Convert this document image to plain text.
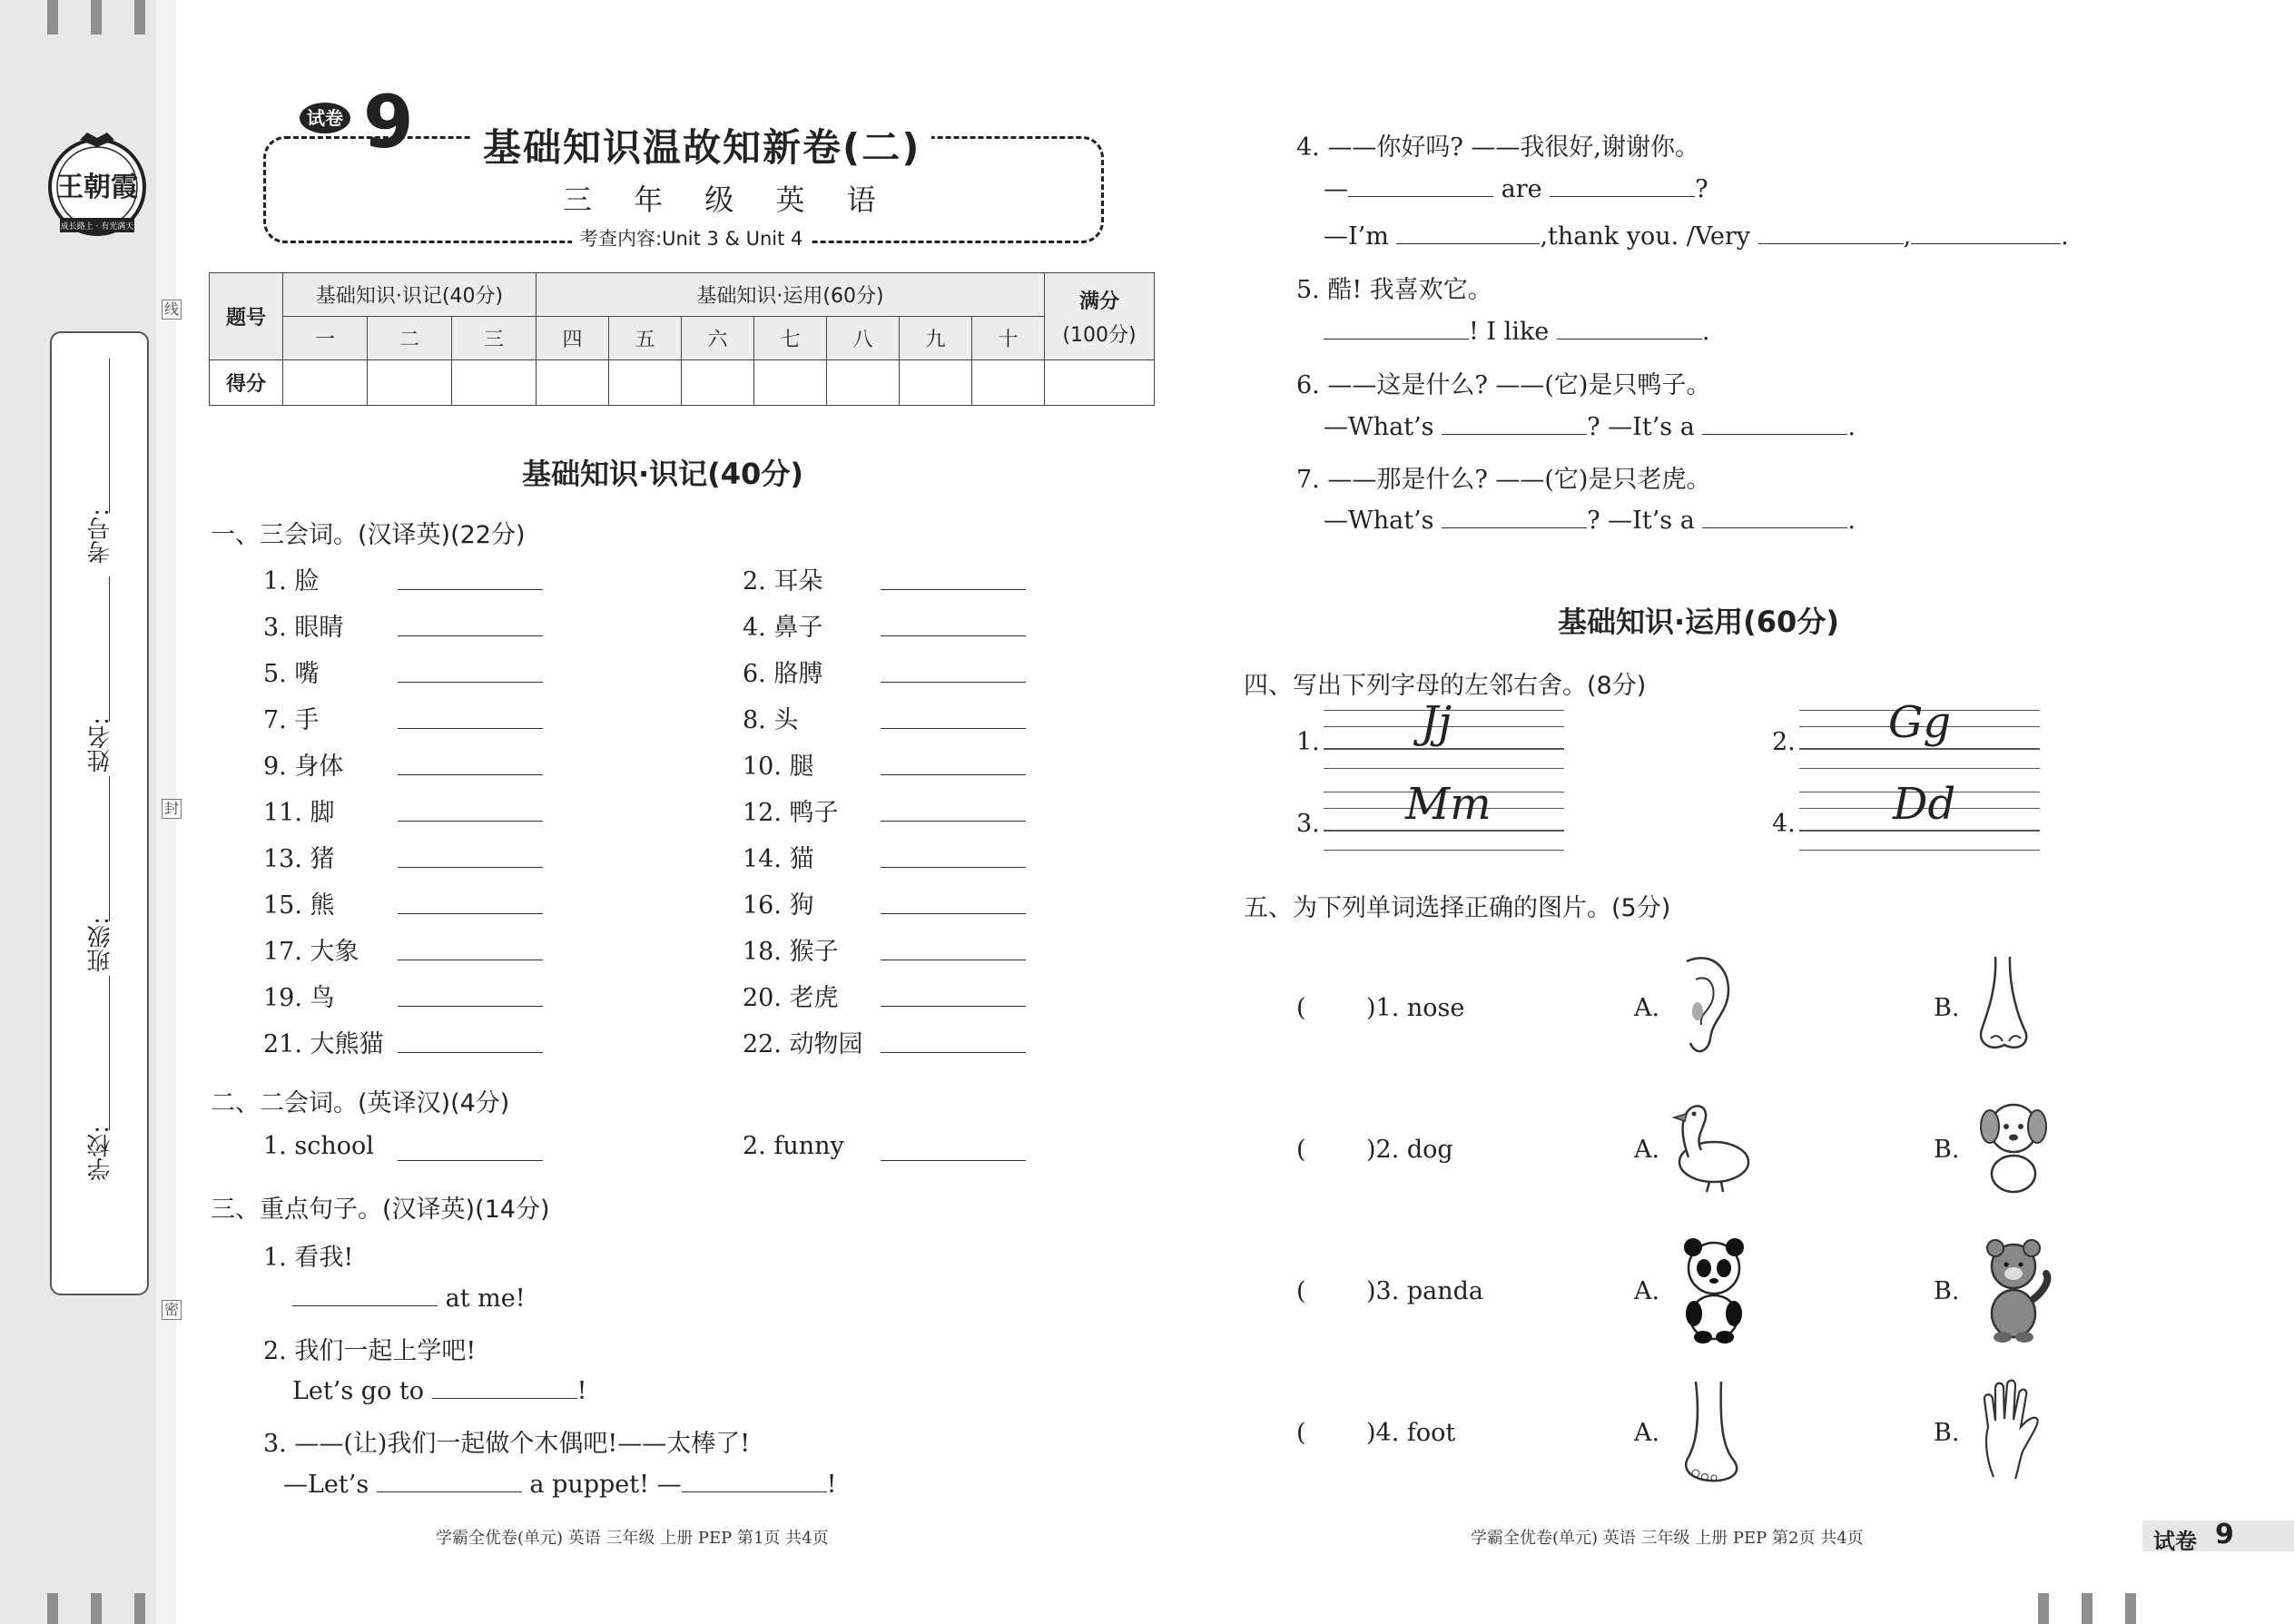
王朝霞
成长路上 · 有光满天
考号:
姓名:
班级:
学校:
线
封
密
试卷 9 基础知识温故知新卷(二)
三 年 级 英 语
考查内容:Unit 3 & Unit 4
题号	基础知识·识记(40分)			基础知识·运用(60分)							满分
(100分)

	一	二	三	四	五	六	七	八	九	十	
得分											
基础知识·识记(40分)
一、三会词。(汉译英)(22分)
1. 脸	2. 耳朵
3. 眼睛	4. 鼻子
5. 嘴	6. 胳膊
7. 手	8. 头
9. 身体	10. 腿
11. 脚	12. 鸭子
13. 猪	14. 猫
15. 熊	16. 狗
17. 大象	18. 猴子
19. 鸟	20. 老虎
21. 大熊猫	22. 动物园
二、二会词。(英译汉)(4分)
1. school	2. funny
三、重点句子。(汉译英)(14分)
1. 看我!
at me!
2. 我们一起上学吧!
Let’s go to	!
3. ——(让)我们一起做个木偶吧!——太棒了!
—Let’s	a puppet! —	!
学霸全优卷(单元) 英语 三年级 上册 PEP 第1页 共4页
4. ——你好吗? ——我很好,谢谢你。
—	are	?
—I’m	,thank you. /Very	,	.
5. 酷! 我喜欢它。
! I like	.
6. ——这是什么? ——(它)是只鸭子。
—What’s	? —It’s a	.
7. ——那是什么? ——(它)是只老虎。
—What’s	? —It’s a	.
基础知识·运用(60分)
四、写出下列字母的左邻右舍。(8分)
1. Jj	2. Gg
3. Mm	4. Dd
五、为下列单词选择正确的图片。(5分)
( )1. nose	A.	B.
( )2. dog	A.	B.
( )3. panda	A.	B.
( )4. foot	A.	B.
学霸全优卷(单元) 英语 三年级 上册 PEP 第2页 共4页	试卷 9
